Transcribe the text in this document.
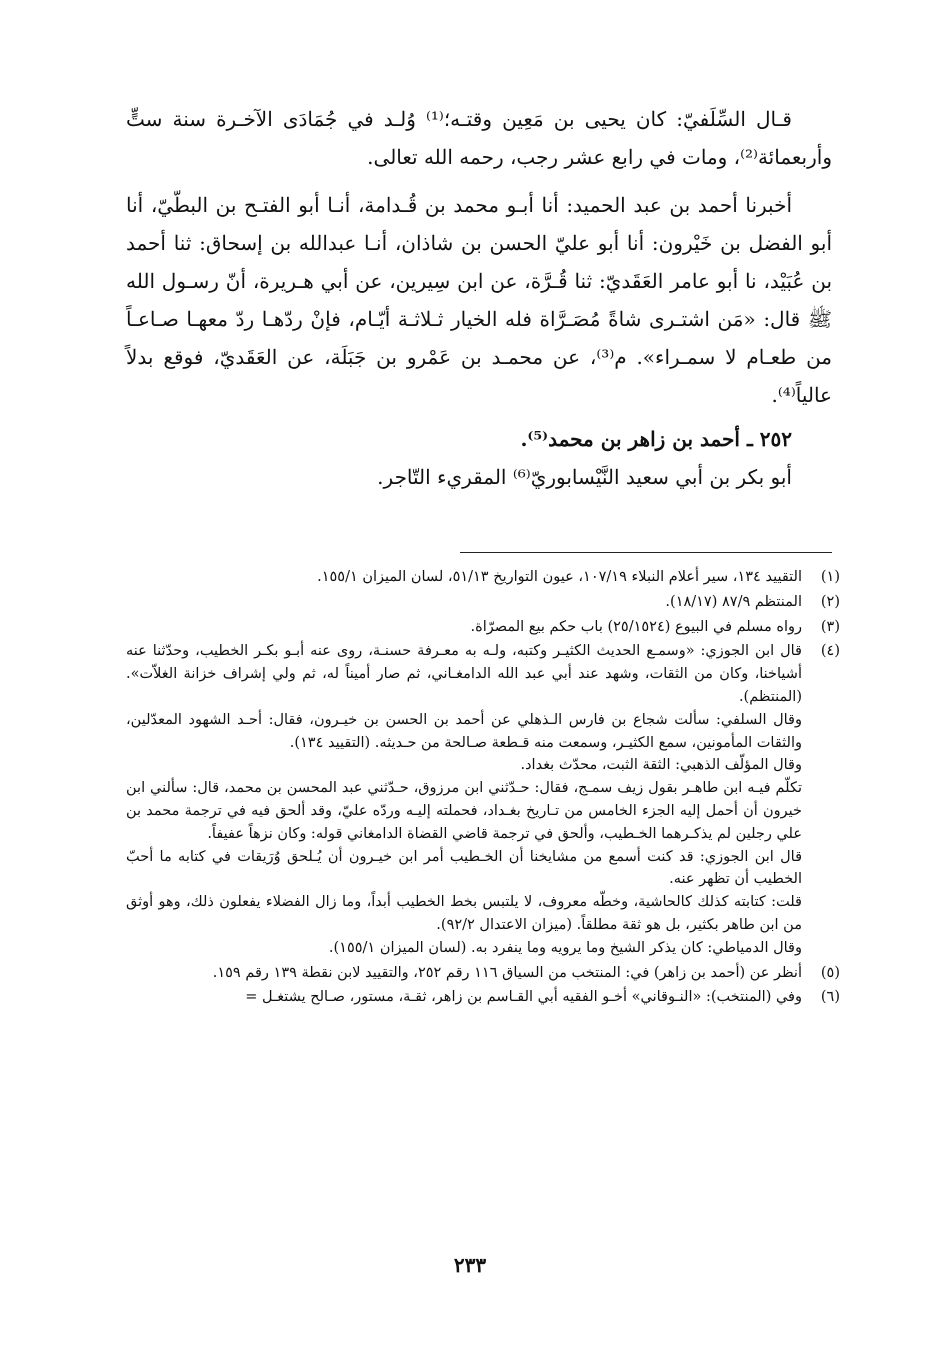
قـال السِّلَفيّ: كان يحيى بن مَعِين وقتـه؛⁽¹⁾ وُلـد في جُمَادَى الآخـرة سنة ستٍّ وأربعمائة⁽²⁾، ومات في رابع عشر رجب، رحمه الله تعالى.

أخبرنا أحمد بن عبد الحميد: أنا أبـو محمد بن قُـدامة، أنـا أبو الفتـح بن البطّيّ، أنا أبو الفضل بن خَيْرون: أنا أبو عليّ الحسن بن شاذان، أنـا عبدالله بن إسحاق: ثنا أحمد بن عُبَيْد، نا أبو عامر العَقَديّ: ثنا قُـرَّة، عن ابن سِيرين، عن أبي هـريرة، أنّ رسـول الله ﷺ قال: «مَن اشتـرى شاةً مُصَـرَّاة فله الخيار ثـلاثـة أيّـام، فإنْ ردّهـا ردّ معهـا صـاعـاً من طعـام لا سمـراء». م⁽³⁾، عن محمـد بن عَمْرو بن جَبَلَة، عن العَقَديّ، فوقع بدلاً عالياً⁽⁴⁾.

٢٥٢ ـ أحمد بن زاهر بن محمد⁽⁵⁾.

أبو بكر بن أبي سعيد النَّيْسابوريّ⁽⁶⁾ المقريء التّاجر.

(١)

التقييد ١٣٤، سير أعلام النبلاء ١٠٧/١٩، عيون التواريخ ٥١/١٣، لسان الميزان ١٥٥/١.

(٢)

المنتظم ٨٧/٩ (١٨/١٧).

(٣)

رواه مسلم في البيوع (٢٥/١٥٢٤) باب حكم بيع المصرّاة.

(٤)

قال ابن الجوزي: «وسمـع الحديث الكثيـر وكتبه، ولـه به معـرفة حسنـة، روى عنه أبـو بكـر الخطيب، وحدّثنا عنه أشياخنا، وكان من الثقات، وشهد عند أبي عبد الله الدامغـاني، ثم صار أميناً له، ثم ولي إشراف خزانة الغلاّت». (المنتظم).

وقال السلفي: سألت شجاع بن فارس الـذهلي عن أحمد بن الحسن بن خيـرون، فقال: أحـد الشهود المعدّلين، والثقات المأمونين، سمع الكثيـر، وسمعت منه قـطعة صـالحة من حـديثه. (التقييد ١٣٤).

وقال المؤلّف الذهبي: الثقة الثبت، محدّث بغداد.

تكلّم فيـه ابن طاهـر بقول زيف سمـج، فقال: حـدّثني ابن مرزوق، حـدّثني عبد المحسن بن محمد، قال: سألني ابن خيرون أن أحمل إليه الجزء الخامس من تـاريخ بغـداد، فحملته إليـه وردّه عليّ، وقد ألحق فيه في ترجمة محمد بن علي رجلين لم يذكـرهما الخـطيب، وألحق في ترجمة قاضي القضاة الدامغاني قوله: وكان نزهاً عفيفاً.

قال ابن الجوزي: قد كنت أسمع من مشايخنا أن الخـطيب أمر ابن خيـرون أن يُـلحق وُرَيقات في كتابه ما أحبّ الخطيب أن تظهر عنه.

قلت: كتابته كذلك كالحاشية، وخطّه معروف، لا يلتبس بخط الخطيب أبداً، وما زال الفضلاء يفعلون ذلك، وهو أوثق من ابن طاهر بكثير، بل هو ثقة مطلقاً. (ميزان الاعتدال ٩٢/٢).

وقال الدمياطي: كان يذكر الشيخ وما يرويه وما ينفرد به. (لسان الميزان ١٥٥/١).

(٥)

أنظر عن (أحمد بن زاهر) في: المنتخب من السياق ١١٦ رقم ٢٥٢، والتقييد لابن نقطة ١٣٩ رقم ١٥٩.

(٦)

وفي (المنتخب): «النـوقاني» أخـو الفقيه أبي القـاسم بن زاهر، ثقـة، مستور، صـالح يشتغـل =

٢٣٣
